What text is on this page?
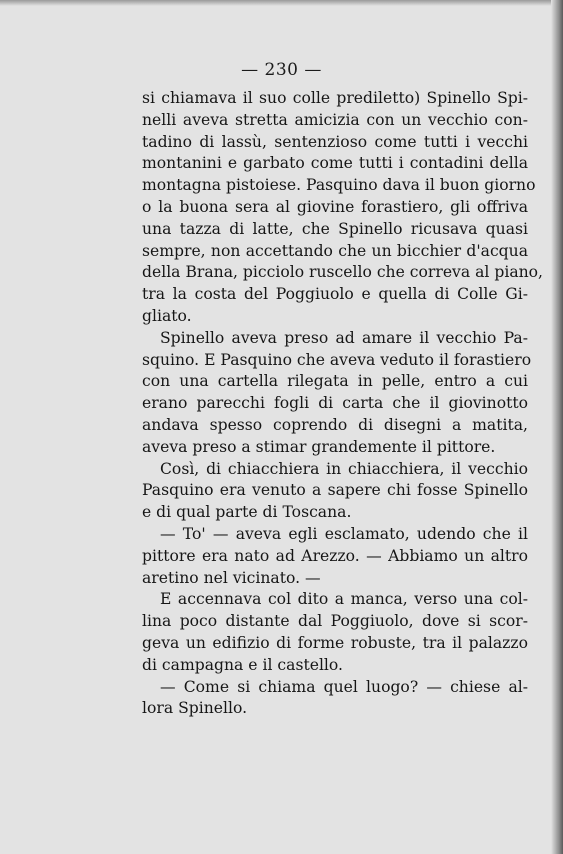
— 230 —
si chiamava il suo colle prediletto) Spinello Spi-
nelli aveva stretta amicizia con un vecchio con-
tadino di lassù, sentenzioso come tutti i vecchi
montanini e garbato come tutti i contadini della
montagna pistoiese. Pasquino dava il buon giorno
o la buona sera al giovine forastiero, gli offriva
una tazza di latte, che Spinello ricusava quasi
sempre, non accettando che un bicchier d'acqua
della Brana, picciolo ruscello che correva al piano,
tra la costa del Poggiuolo e quella di Colle Gi-
gliato.
Spinello aveva preso ad amare il vecchio Pa-
squino. E Pasquino che aveva veduto il forastiero
con una cartella rilegata in pelle, entro a cui
erano parecchi fogli di carta che il giovinotto
andava spesso coprendo di disegni a matita,
aveva preso a stimar grandemente il pittore.
Così, di chiacchiera in chiacchiera, il vecchio
Pasquino era venuto a sapere chi fosse Spinello
e di qual parte di Toscana.
— To' — aveva egli esclamato, udendo che il
pittore era nato ad Arezzo. — Abbiamo un altro
aretino nel vicinato. —
E accennava col dito a manca, verso una col-
lina poco distante dal Poggiuolo, dove si scor-
geva un edifizio di forme robuste, tra il palazzo
di campagna e il castello.
— Come si chiama quel luogo? — chiese al-
lora Spinello.
